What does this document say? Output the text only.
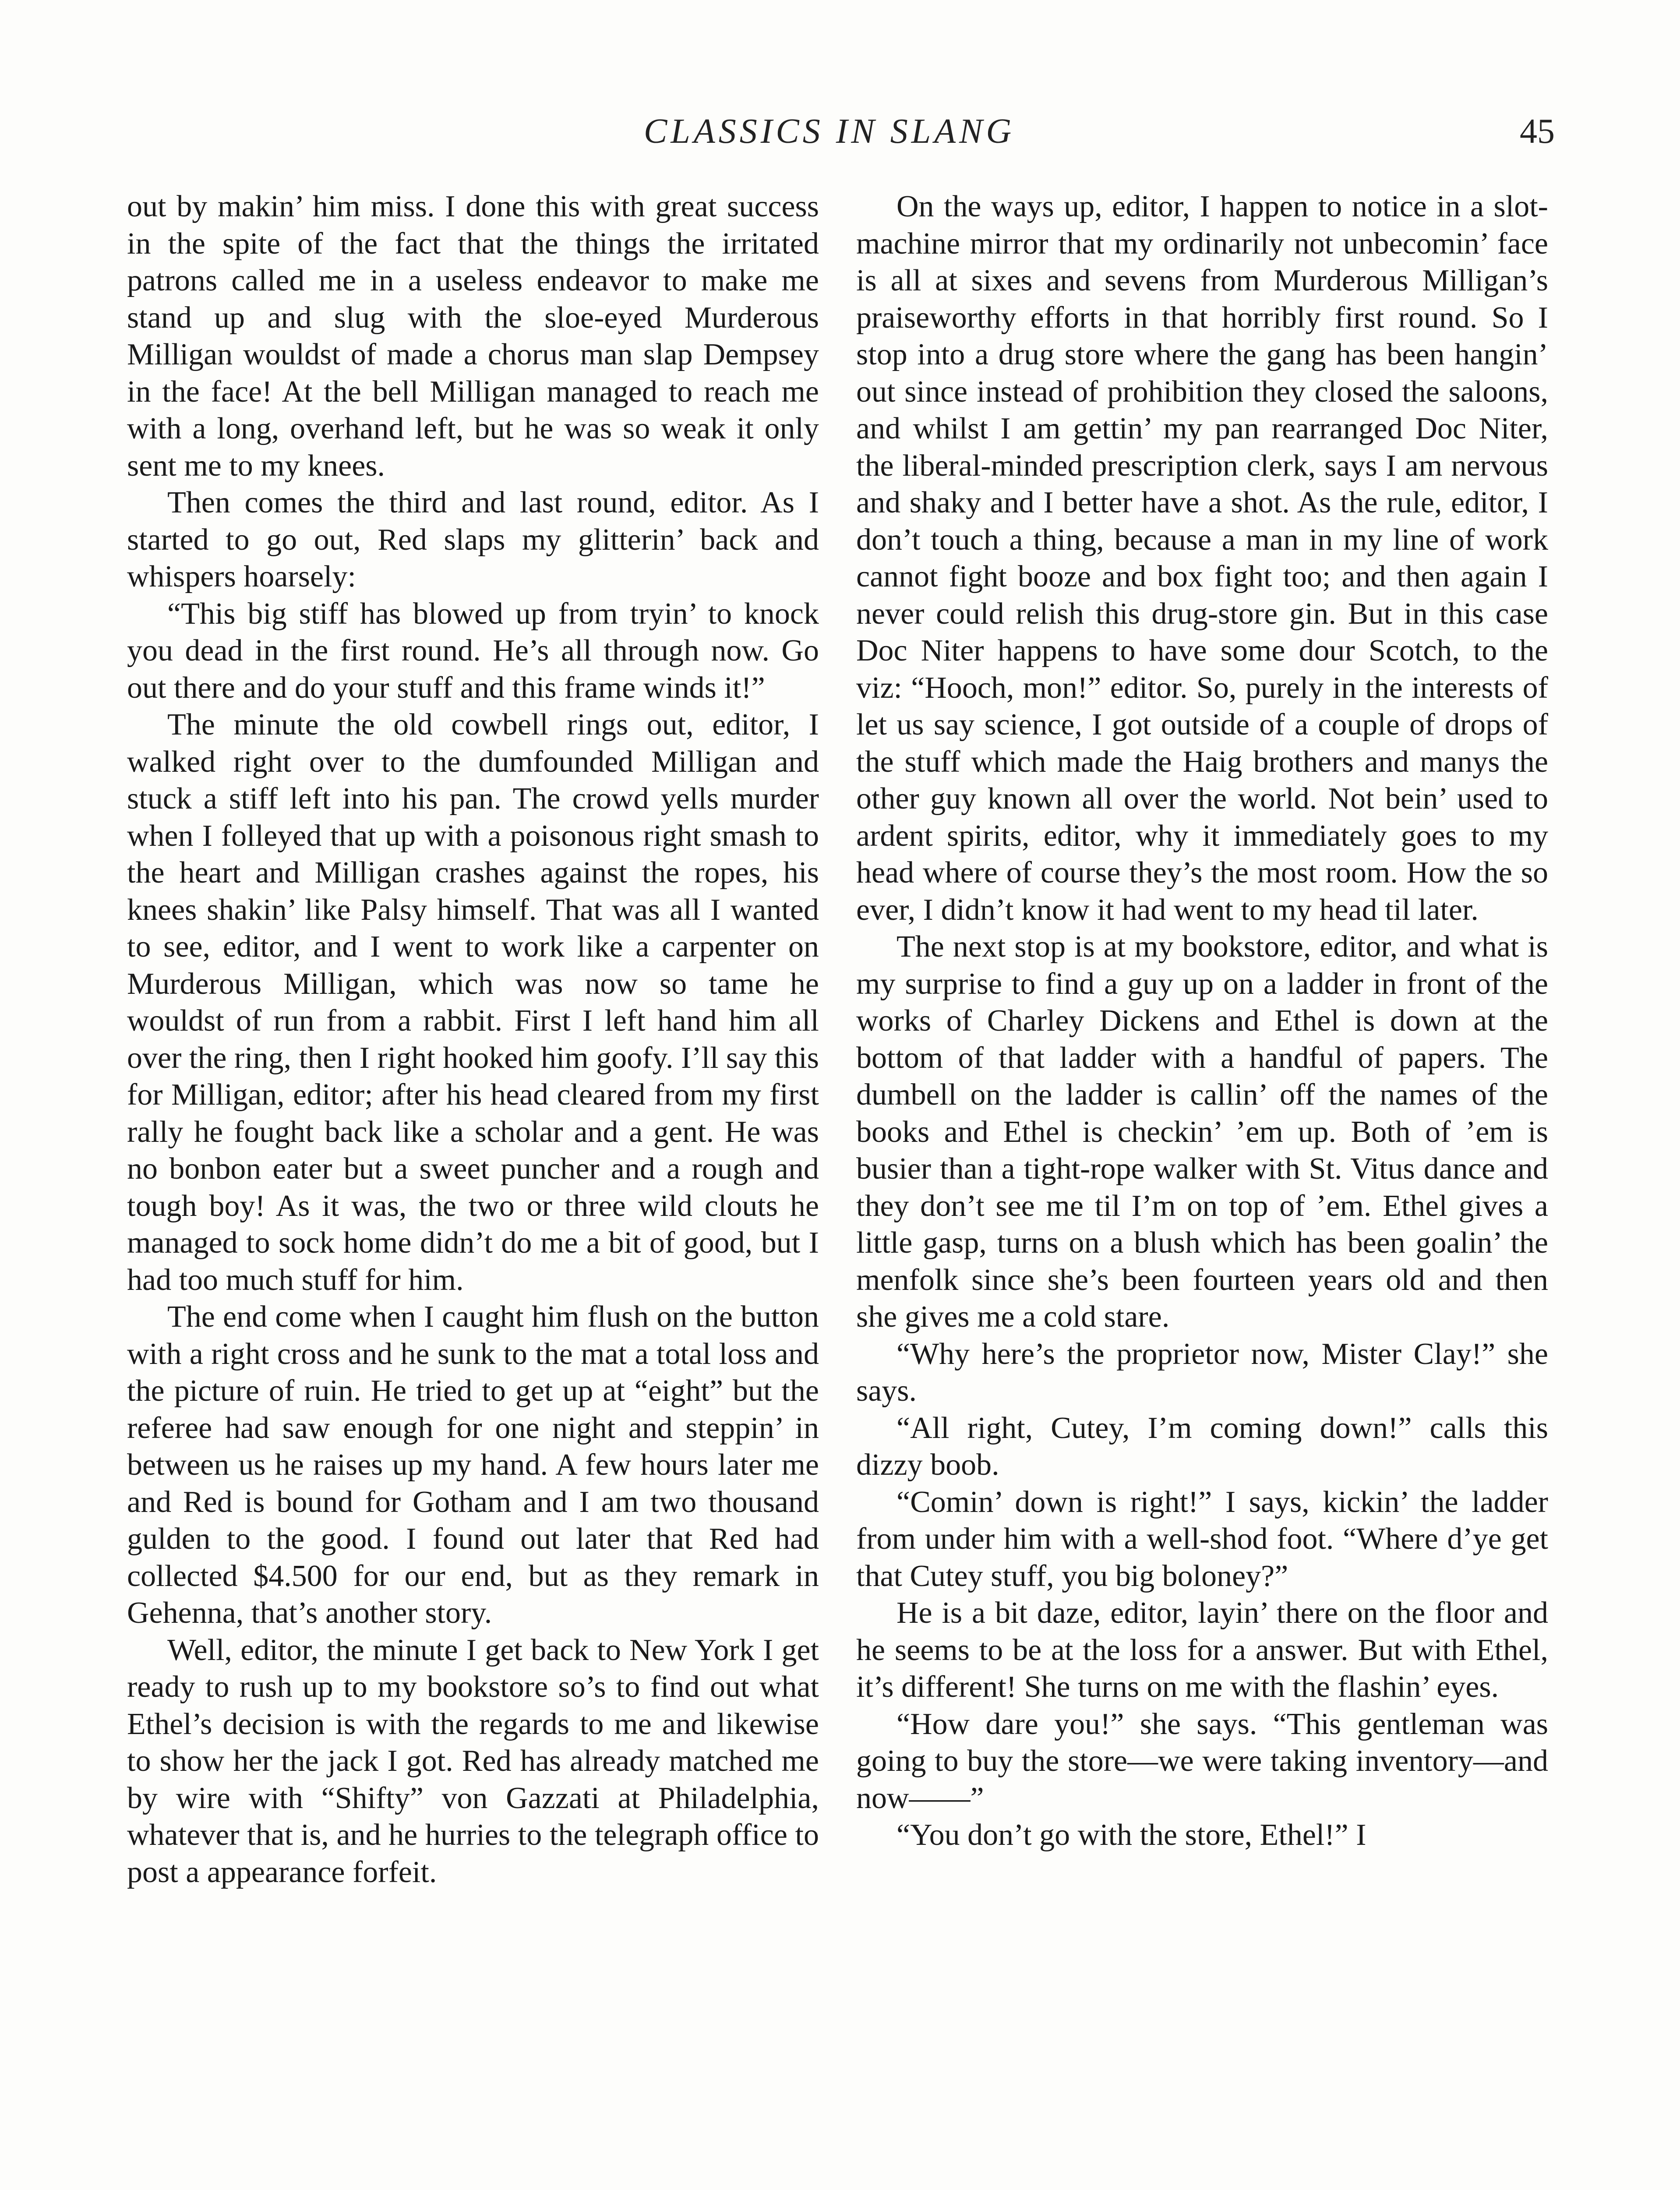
CLASSICS IN SLANG	45

out by makin’ him miss. I done this with great success in the spite of the fact that the things the irritated patrons called me in a useless endeavor to make me stand up and slug with the sloe-eyed Murderous Milligan wouldst of made a chorus man slap Dempsey in the face! At the bell Milligan managed to reach me with a long, overhand left, but he was so weak it only sent me to my knees.

Then comes the third and last round, editor. As I started to go out, Red slaps my glitterin’ back and whispers hoarsely:

“This big stiff has blowed up from tryin’ to knock you dead in the first round. He’s all through now. Go out there and do your stuff and this frame winds it!”

The minute the old cowbell rings out, editor, I walked right over to the dumfounded Milligan and stuck a stiff left into his pan. The crowd yells murder when I folleyed that up with a poisonous right smash to the heart and Milligan crashes against the ropes, his knees shakin’ like Palsy himself. That was all I wanted to see, editor, and I went to work like a carpenter on Murderous Milligan, which was now so tame he wouldst of run from a rabbit. First I left hand him all over the ring, then I right hooked him goofy. I’ll say this for Milligan, editor; after his head cleared from my first rally he fought back like a scholar and a gent. He was no bonbon eater but a sweet puncher and a rough and tough boy! As it was, the two or three wild clouts he managed to sock home didn’t do me a bit of good, but I had too much stuff for him.

The end come when I caught him flush on the button with a right cross and he sunk to the mat a total loss and the picture of ruin. He tried to get up at “eight” but the referee had saw enough for one night and steppin’ in between us he raises up my hand. A few hours later me and Red is bound for Gotham and I am two thousand gulden to the good. I found out later that Red had collected $4.500 for our end, but as they remark in Gehenna, that’s another story.

Well, editor, the minute I get back to New York I get ready to rush up to my bookstore so’s to find out what Ethel’s decision is with the regards to me and likewise to show her the jack I got. Red has already matched me by wire with “Shifty” von Gazzati at Philadelphia, whatever that is, and he hurries to the telegraph office to post a appearance forfeit.

On the ways up, editor, I happen to notice in a slot-machine mirror that my ordinarily not unbecomin’ face is all at sixes and sevens from Murderous Milligan’s praiseworthy efforts in that horribly first round. So I stop into a drug store where the gang has been hangin’ out since instead of prohibition they closed the saloons, and whilst I am gettin’ my pan rearranged Doc Niter, the liberal-minded prescription clerk, says I am nervous and shaky and I better have a shot. As the rule, editor, I don’t touch a thing, because a man in my line of work cannot fight booze and box fight too; and then again I never could relish this drug-store gin. But in this case Doc Niter happens to have some dour Scotch, to the viz: “Hooch, mon!” editor. So, purely in the interests of let us say science, I got outside of a couple of drops of the stuff which made the Haig brothers and manys the other guy known all over the world. Not bein’ used to ardent spirits, editor, why it immediately goes to my head where of course they’s the most room. How the so ever, I didn’t know it had went to my head til later.

The next stop is at my bookstore, editor, and what is my surprise to find a guy up on a ladder in front of the works of Charley Dickens and Ethel is down at the bottom of that ladder with a handful of papers. The dumbell on the ladder is callin’ off the names of the books and Ethel is checkin’ ’em up. Both of ’em is busier than a tight-rope walker with St. Vitus dance and they don’t see me til I’m on top of ’em. Ethel gives a little gasp, turns on a blush which has been goalin’ the menfolk since she’s been fourteen years old and then she gives me a cold stare.

“Why here’s the proprietor now, Mister Clay!” she says.

“All right, Cutey, I’m coming down!” calls this dizzy boob.

“Comin’ down is right!” I says, kickin’ the ladder from under him with a well-shod foot. “Where d’ye get that Cutey stuff, you big boloney?”

He is a bit daze, editor, layin’ there on the floor and he seems to be at the loss for a answer. But with Ethel, it’s different! She turns on me with the flashin’ eyes.

“How dare you!” she says. “This gentleman was going to buy the store—we were taking inventory—and now——”

“You don’t go with the store, Ethel!” I
